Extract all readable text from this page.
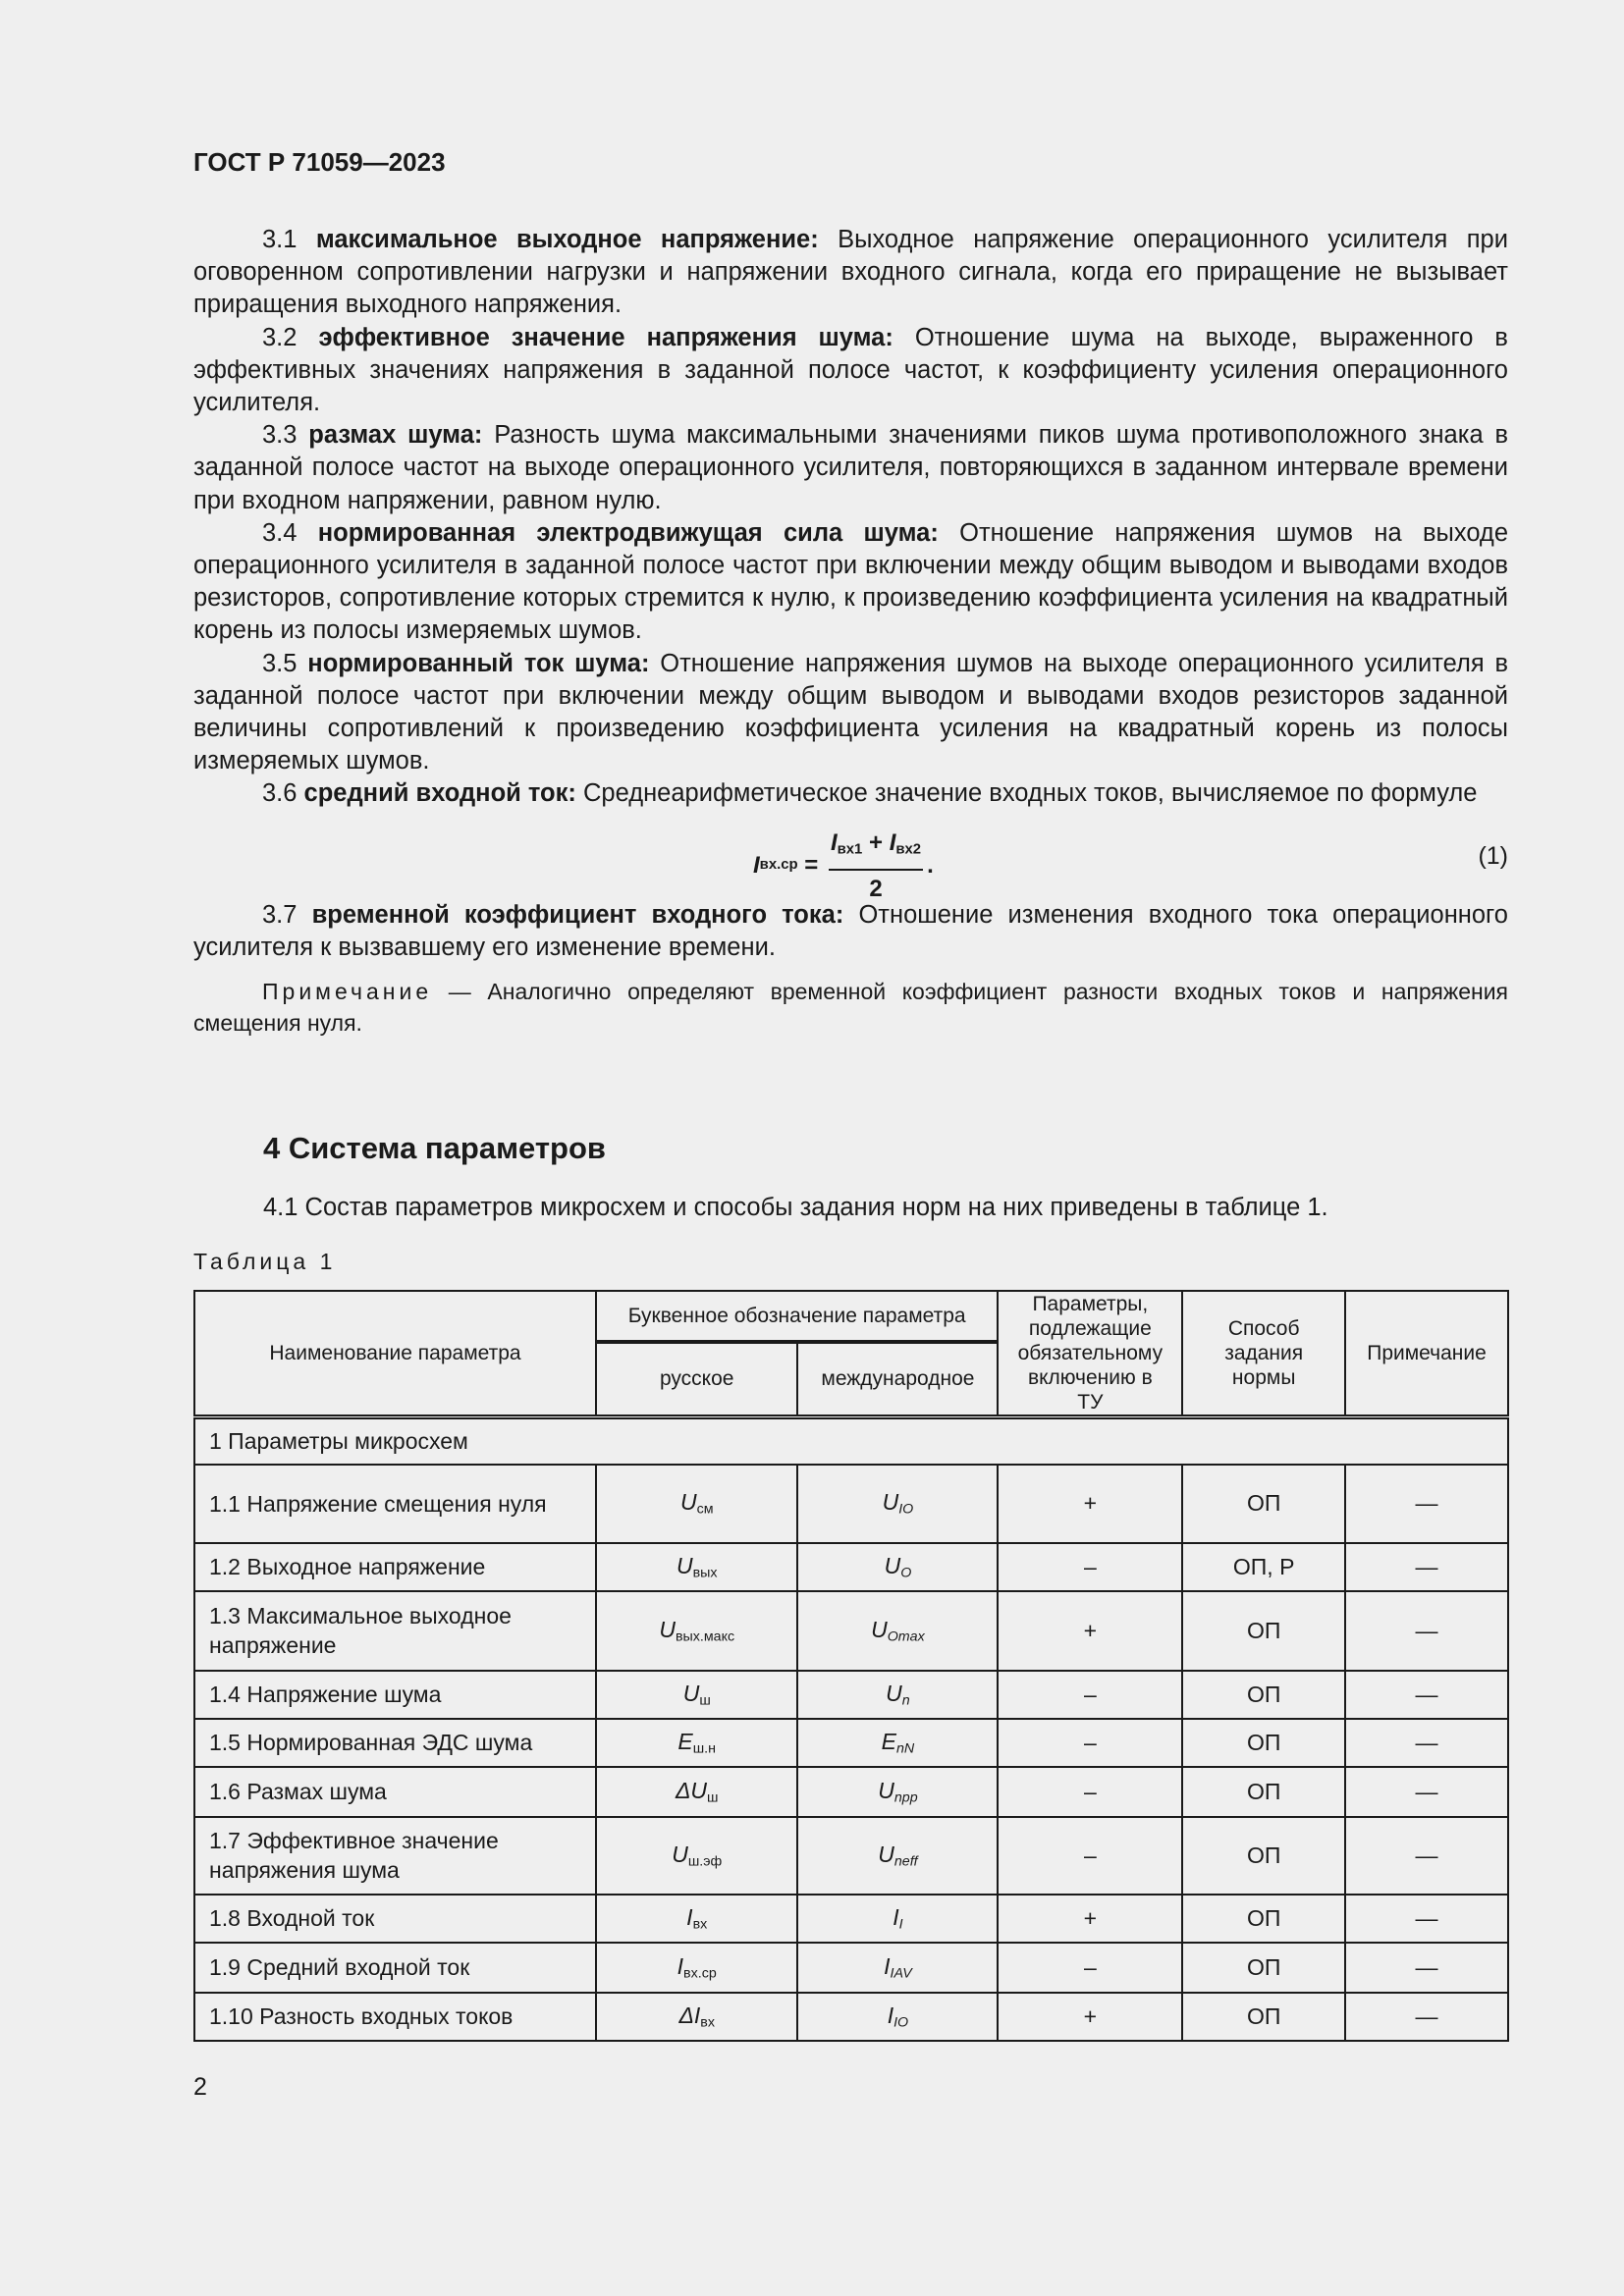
ГОСТ Р 71059—2023

3.1 максимальное выходное напряжение: Выходное напряжение операционного усилителя при оговоренном сопротивлении нагрузки и напряжении входного сигнала, когда его приращение не вызывает приращения выходного напряжения.

3.2 эффективное значение напряжения шума: Отношение шума на выходе, выраженного в эффективных значениях напряжения в заданной полосе частот, к коэффициенту усиления операционного усилителя.

3.3 размах шума: Разность шума максимальными значениями пиков шума противоположного знака в заданной полосе частот на выходе операционного усилителя, повторяющихся в заданном интервале времени при входном напряжении, равном нулю.

3.4 нормированная электродвижущая сила шума: Отношение напряжения шумов на выходе операционного усилителя в заданной полосе частот при включении между общим выводом и выводами входов резисторов, сопротивление которых стремится к нулю, к произведению коэффициента усиления на квадратный корень из полосы измеряемых шумов.

3.5 нормированный ток шума: Отношение напряжения шумов на выходе операционного усилителя в заданной полосе частот при включении между общим выводом и выводами входов резисторов заданной величины сопротивлений к произведению коэффициента усиления на квадратный корень из полосы измеряемых шумов.

3.6 средний входной ток: Среднеарифметическое значение входных токов, вычисляемое по формуле

I вх.ср
=
$\frac{I_{вх1} + I_{вх2}}{2}$ .	(1)

3.7 временной коэффициент входного тока: Отношение изменения входного тока операционного усилителя к вызвавшему его изменение времени.

Примечание — Аналогично определяют временной коэффициент разности входных токов и напряжения смещения нуля.

4 Система параметров
4.1 Состав параметров микросхем и способы задания норм на них приведены в таблице 1.
Таблица 1
Наименование параметра	Буквенное обозначение параметра		Параметры, подлежащие обязательному включению в ТУ	Способ задания нормы	Примечание
	русское	международное			
1 Параметры микросхем					
1.1 Напряжение смещения нуля	$U_{см}$	$U_{IO}$	+	ОП	—
1.2 Выходное напряжение	$U_{вых}$	$U_O$	–	ОП, Р	—
1.3 Максимальное выходное напряжение	$U_{вых.макс}$	$U_{Omax}$	+	ОП	—
1.4 Напряжение шума	$U_ш$	$U_n$	–	ОП	—
1.5 Нормированная ЭДС шума	$E_{ш.н}$	$E_{nN}$	–	ОП	—
1.6 Размах шума	$\Delta U_ш$	$U_{npp}$	–	ОП	—
1.7 Эффективное значение напряжения шума	$U_{ш.эф}$	$U_{neff}$	–	ОП	—
1.8 Входной ток	$I_{вх}$	$I_I$	+	ОП	—
1.9 Средний входной ток	$I_{вх.ср}$	$I_{IAV}$	–	ОП	—
1.10 Разность входных токов	$\Delta I_{вх}$	$I_{IO}$	+	ОП	—
2
